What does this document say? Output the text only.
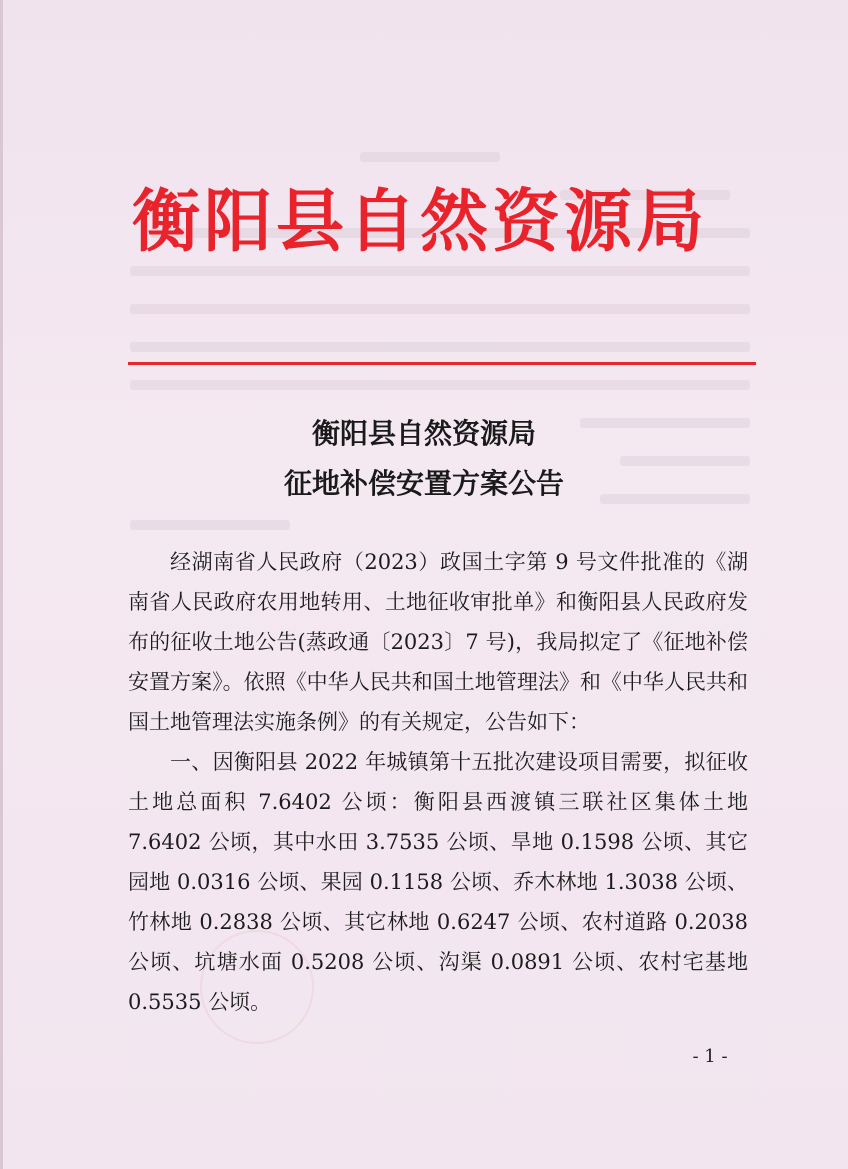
衡阳县自然资源局
衡阳县自然资源局
征地补偿安置方案公告

经湖南省人民政府（2023）政国土字第 9 号文件批准的《湖南省人民政府农用地转用、土地征收审批单》和衡阳县人民政府发布的征收土地公告(蒸政通〔2023〕7 号)，我局拟定了《征地补偿安置方案》。依照《中华人民共和国土地管理法》和《中华人民共和国土地管理法实施条例》的有关规定，公告如下：

一、因衡阳县 2022 年城镇第十五批次建设项目需要，拟征收土地总面积 7.6402 公顷：衡阳县西渡镇三联社区集体土地 7.6402 公顷，其中水田 3.7535 公顷、旱地 0.1598 公顷、其它园地 0.0316 公顷、果园 0.1158 公顷、乔木林地 1.3038 公顷、竹林地 0.2838 公顷、其它林地 0.6247 公顷、农村道路 0.2038 公顷、坑塘水面 0.5208 公顷、沟渠 0.0891 公顷、农村宅基地 0.5535 公顷。

- 1 -
